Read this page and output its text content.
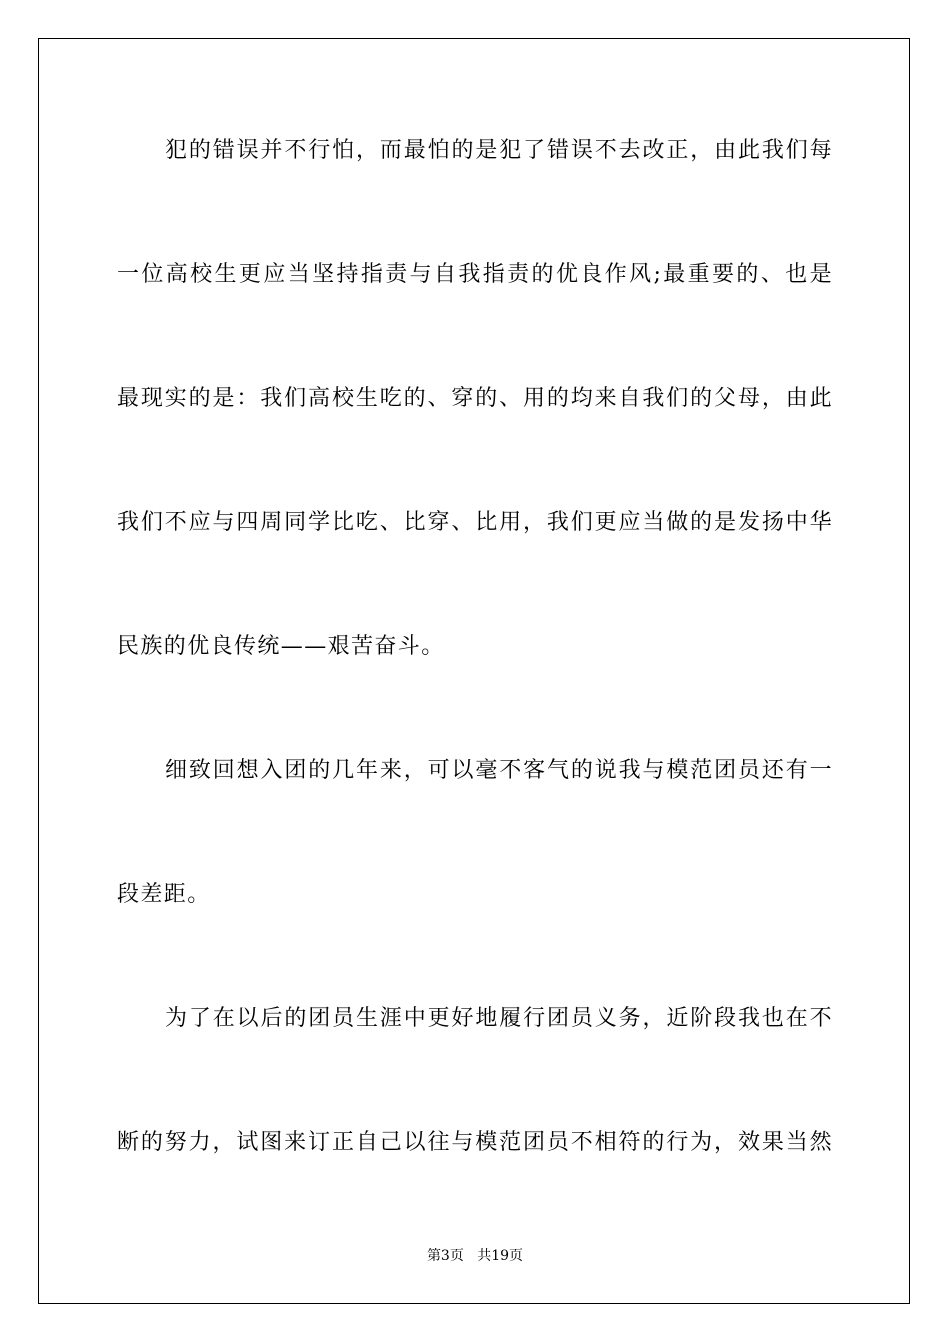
犯的错误并不行怕，而最怕的是犯了错误不去改正，由此我们每
一位高校生更应当坚持指责与自我指责的优良作风;最重要的、也是
最现实的是：我们高校生吃的、穿的、用的均来自我们的父母，由此
我们不应与四周同学比吃、比穿、比用，我们更应当做的是发扬中华
民族的优良传统——艰苦奋斗。
细致回想入团的几年来，可以毫不客气的说我与模范团员还有一
段差距。
为了在以后的团员生涯中更好地履行团员义务，近阶段我也在不
断的努力，试图来订正自己以往与模范团员不相符的行为，效果当然
第3页 共19页
